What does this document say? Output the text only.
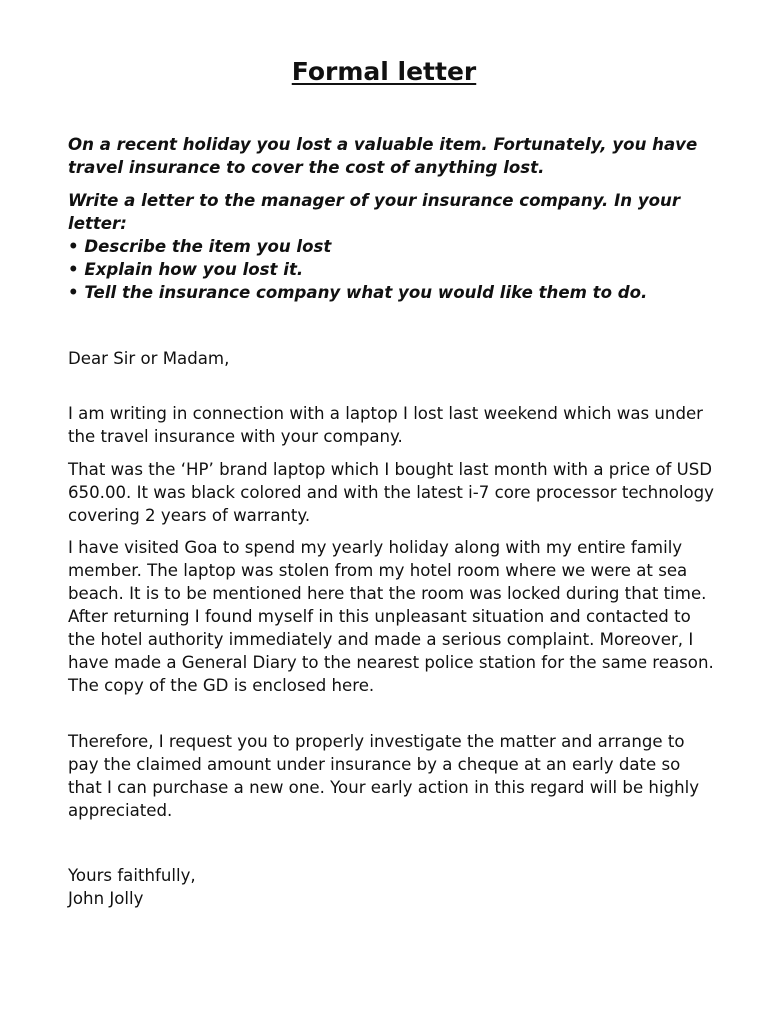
Formal letter

On a recent holiday you lost a valuable item. Fortunately, you have travel insurance to cover the cost of anything lost.

Write a letter to the manager of your insurance company. In your letter:
• Describe the item you lost
• Explain how you lost it.
• Tell the insurance company what you would like them to do.

Dear Sir or Madam,

I am writing in connection with a laptop I lost last weekend which was under the travel insurance with your company.

That was the ‘HP’ brand laptop which I bought last month with a price of USD 650.00. It was black colored and with the latest i-7 core processor technology covering 2 years of warranty.

I have visited Goa to spend my yearly holiday along with my entire family member. The laptop was stolen from my hotel room where we were at sea beach. It is to be mentioned here that the room was locked during that time. After returning I found myself in this unpleasant situation and contacted to the hotel authority immediately and made a serious complaint. Moreover, I have made a General Diary to the nearest police station for the same reason. The copy of the GD is enclosed here.

Therefore, I request you to properly investigate the matter and arrange to pay the claimed amount under insurance by a cheque at an early date so that I can purchase a new one. Your early action in this regard will be highly appreciated.

Yours faithfully,

John Jolly
